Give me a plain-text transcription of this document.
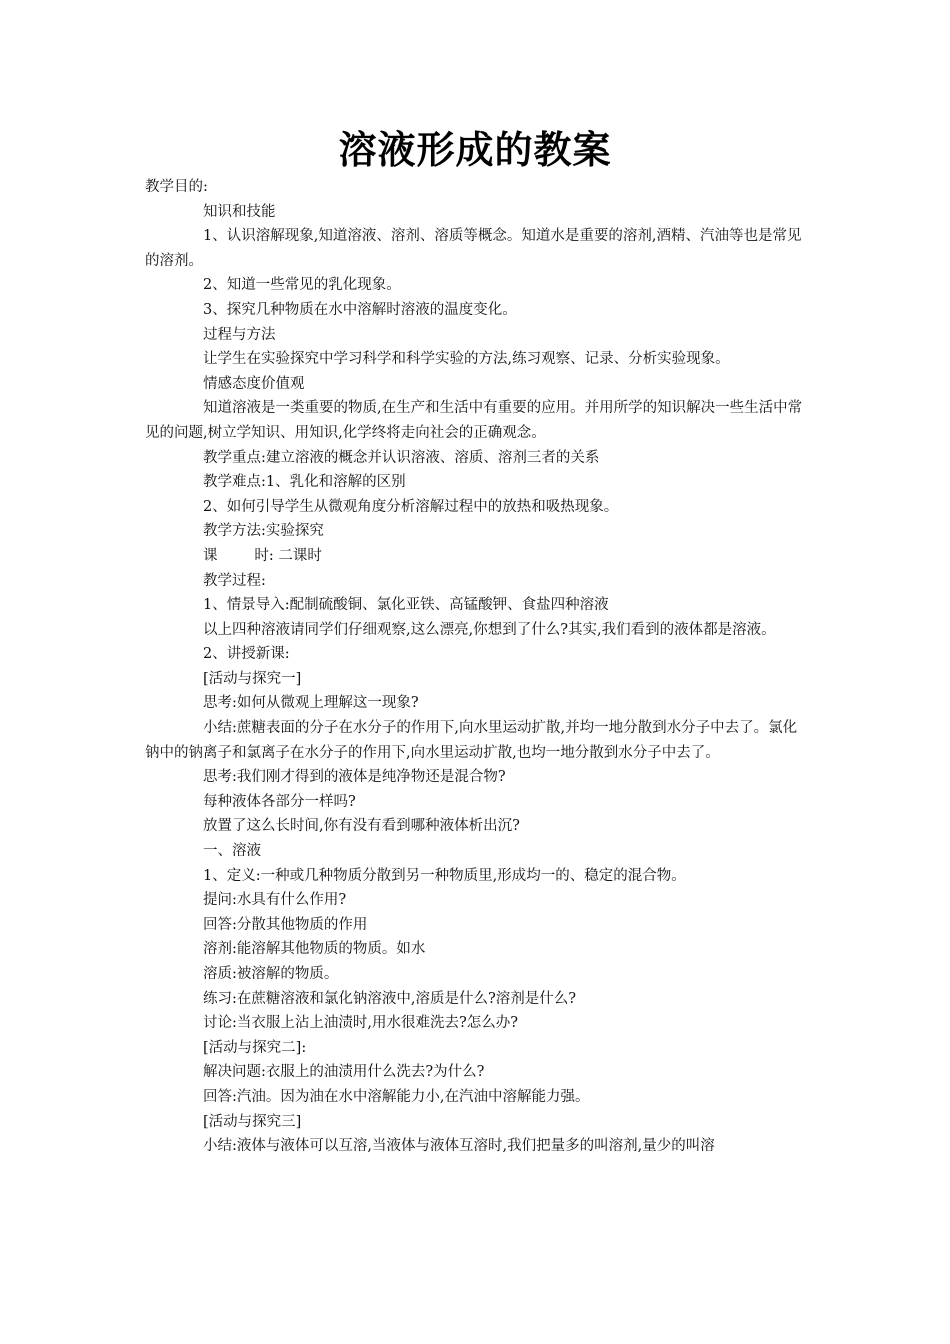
溶液形成的教案

教学目的:

知识和技能

1、认识溶解现象,知道溶液、溶剂、溶质等概念。知道水是重要的溶剂,酒精、汽油等也是常见的溶剂。

2、知道一些常见的乳化现象。

3、探究几种物质在水中溶解时溶液的温度变化。

过程与方法

让学生在实验探究中学习科学和科学实验的方法,练习观察、记录、分析实验现象。

情感态度价值观

知道溶液是一类重要的物质,在生产和生活中有重要的应用。并用所学的知识解决一些生活中常见的问题,树立学知识、用知识,化学终将走向社会的正确观念。

教学重点:建立溶液的概念并认识溶液、溶质、溶剂三者的关系

教学难点:1、乳化和溶解的区别

2、如何引导学生从微观角度分析溶解过程中的放热和吸热现象。

教学方法:实验探究

课        时: 二课时

教学过程:

1、情景导入:配制硫酸铜、氯化亚铁、高锰酸钾、食盐四种溶液

以上四种溶液请同学们仔细观察,这么漂亮,你想到了什么?其实,我们看到的液体都是溶液。

2、讲授新课:

[活动与探究一]

思考:如何从微观上理解这一现象?

小结:蔗糖表面的分子在水分子的作用下,向水里运动扩散,并均一地分散到水分子中去了。氯化钠中的钠离子和氯离子在水分子的作用下,向水里运动扩散,也均一地分散到水分子中去了。

思考:我们刚才得到的液体是纯净物还是混合物?

每种液体各部分一样吗?

放置了这么长时间,你有没有看到哪种液体析出沉?

一、溶液

1、定义:一种或几种物质分散到另一种物质里,形成均一的、稳定的混合物。

提问:水具有什么作用?

回答:分散其他物质的作用

溶剂:能溶解其他物质的物质。如水

溶质:被溶解的物质。

练习:在蔗糖溶液和氯化钠溶液中,溶质是什么?溶剂是什么?

讨论:当衣服上沾上油渍时,用水很难洗去?怎么办?

[活动与探究二]:

解决问题:衣服上的油渍用什么洗去?为什么?

回答:汽油。因为油在水中溶解能力小,在汽油中溶解能力强。

[活动与探究三]

小结:液体与液体可以互溶,当液体与液体互溶时,我们把量多的叫溶剂,量少的叫溶
